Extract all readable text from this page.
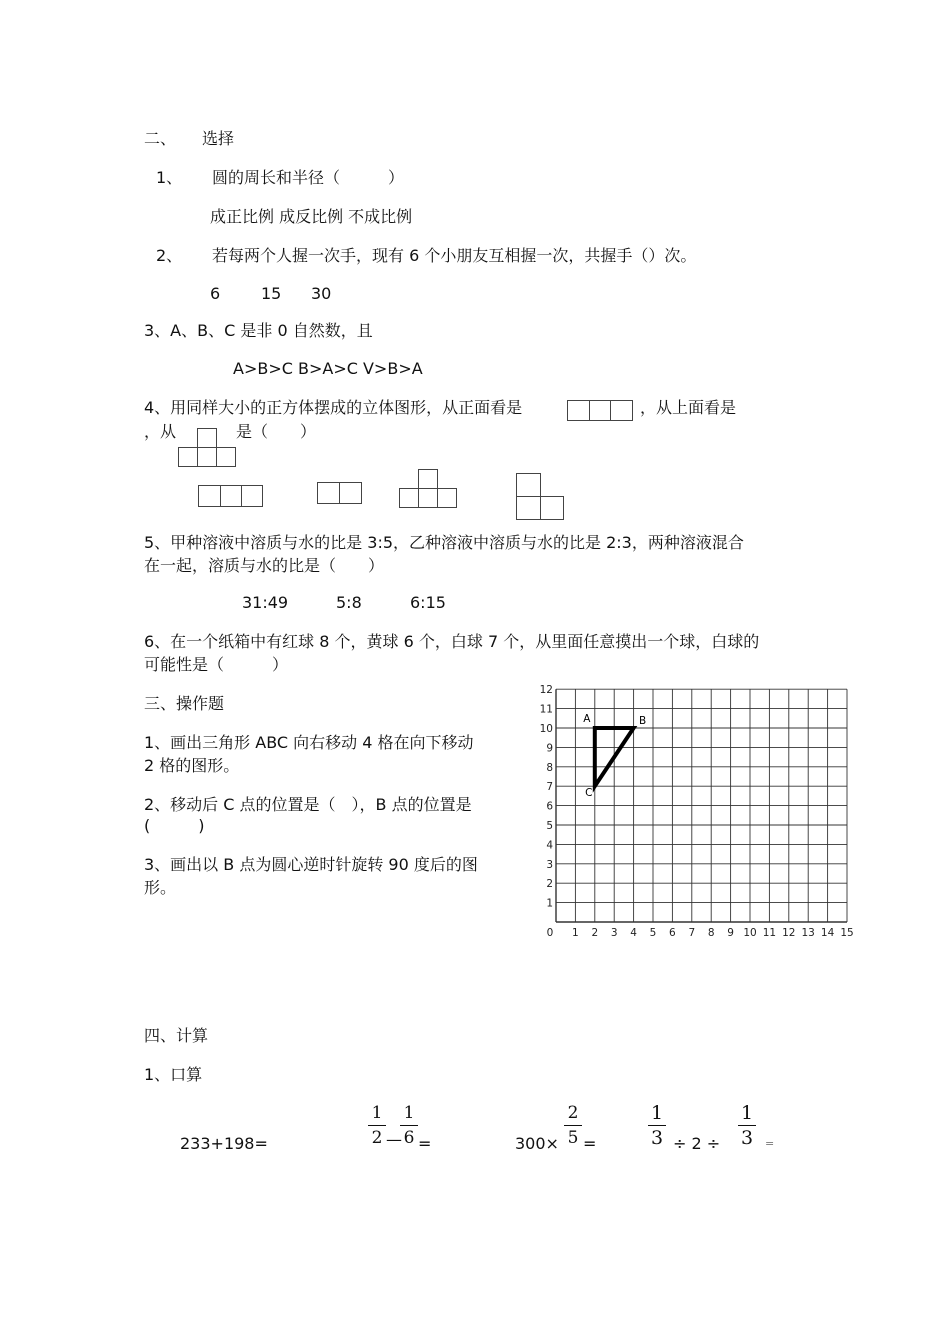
二、 选择
1、 圆的周长和半径（　　　）
成正比例 成反比例 不成比例
2、 若每两个人握一次手，现有 6 个小朋友互相握一次，共握手（）次。
6	15 30
3、A、B、C 是非 0 自然数，且
A>B>C B>A>C V>B>A
4、用同样大小的正方体摆成的立体图形，从正面看是	，从上面看是
，从	是（　　）
5、甲种溶液中溶质与水的比是 3:5，乙种溶液中溶质与水的比是 2:3，两种溶液混合
在一起，溶质与水的比是（　　）
31:49	5:8	6:15
6、在一个纸箱中有红球 8 个，黄球 6 个，白球 7 个，从里面任意摸出一个球，白球的
可能性是（　　　）
三、操作题
1、画出三角形 ABC 向右移动 4 格在向下移动
2 格的图形。
2、移动后 C 点的位置是（　），B 点的位置是
(　　　)
3、画出以 B 点为圆心逆时针旋转 90 度后的图
形。
0 1 2 3 4 5 6 7 8 9 10 11 12 13 14 15
1
2
3
4
5
6
7
8
9
10
11
12
A	B
C
四、计算
1、口算
233+198=
1
2 —
1
6 =	300×
2
5 =
1
3 ÷ 2 ÷
1
3 =
